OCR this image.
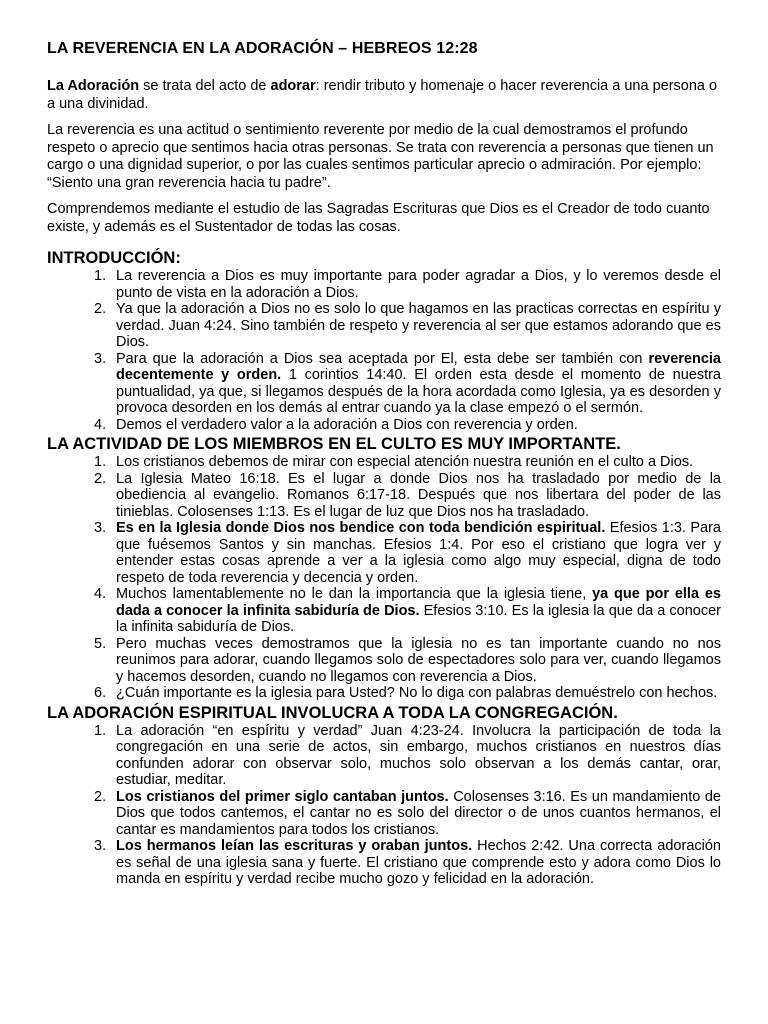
LA REVERENCIA EN LA ADORACIÓN – HEBREOS 12:28

La Adoración se trata del acto de adorar: rendir tributo y homenaje o hacer reverencia a una persona o a una divinidad.

La reverencia es una actitud o sentimiento reverente por medio de la cual demostramos el profundo respeto o aprecio que sentimos hacia otras personas. Se trata con reverencia a personas que tienen un cargo o una dignidad superior, o por las cuales sentimos particular aprecio o admiración. Por ejemplo: “Siento una gran reverencia hacia tu padre”.

Comprendemos mediante el estudio de las Sagradas Escrituras que Dios es el Creador de todo cuanto existe, y además es el Sustentador de todas las cosas.

INTRODUCCIÓN:
1. La reverencia a Dios es muy importante para poder agradar a Dios, y lo veremos desde el punto de vista en la adoración a Dios.
2. Ya que la adoración a Dios no es solo lo que hagamos en las practicas correctas en espíritu y verdad. Juan 4:24. Sino también de respeto y reverencia al ser que estamos adorando que es Dios.
3. Para que la adoración a Dios sea aceptada por El, esta debe ser también con reverencia decentemente y orden. 1 corintios 14:40. El orden esta desde el momento de nuestra puntualidad, ya que, si llegamos después de la hora acordada como Iglesia, ya es desorden y provoca desorden en los demás al entrar cuando ya la clase empezó o el sermón.
4. Demos el verdadero valor a la adoración a Dios con reverencia y orden.
LA ACTIVIDAD DE LOS MIEMBROS EN EL CULTO ES MUY IMPORTANTE.
1. Los cristianos debemos de mirar con especial atención nuestra reunión en el culto a Dios.
2. La Iglesia Mateo 16:18. Es el lugar a donde Dios nos ha trasladado por medio de la obediencia al evangelio. Romanos 6:17-18. Después que nos libertara del poder de las tinieblas. Colosenses 1:13. Es el lugar de luz que Dios nos ha trasladado.
3. Es en la Iglesia donde Dios nos bendice con toda bendición espiritual. Efesios 1:3. Para que fuésemos Santos y sin manchas. Efesios 1:4. Por eso el cristiano que logra ver y entender estas cosas aprende a ver a la iglesia como algo muy especial, digna de todo respeto de toda reverencia y decencia y orden.
4. Muchos lamentablemente no le dan la importancia que la iglesia tiene, ya que por ella es dada a conocer la infinita sabiduría de Dios. Efesios 3:10. Es la iglesia la que da a conocer la infinita sabiduría de Dios.
5. Pero muchas veces demostramos que la iglesia no es tan importante cuando no nos reunimos para adorar, cuando llegamos solo de espectadores solo para ver, cuando llegamos y hacemos desorden, cuando no llegamos con reverencia a Dios.
6. ¿Cuán importante es la iglesia para Usted? No lo diga con palabras demuéstrelo con hechos.
LA ADORACIÓN ESPIRITUAL INVOLUCRA A TODA LA CONGREGACIÓN.
1. La adoración “en espíritu y verdad” Juan 4:23-24. Involucra la participación de toda la congregación en una serie de actos, sin embargo, muchos cristianos en nuestros días confunden adorar con observar solo, muchos solo observan a los demás cantar, orar, estudiar, meditar.
2. Los cristianos del primer siglo cantaban juntos. Colosenses 3:16. Es un mandamiento de Dios que todos cantemos, el cantar no es solo del director o de unos cuantos hermanos, el cantar es mandamientos para todos los cristianos.
3. Los hermanos leían las escrituras y oraban juntos. Hechos 2:42. Una correcta adoración es señal de una iglesia sana y fuerte. El cristiano que comprende esto y adora como Dios lo manda en espíritu y verdad recibe mucho gozo y felicidad en la adoración.
